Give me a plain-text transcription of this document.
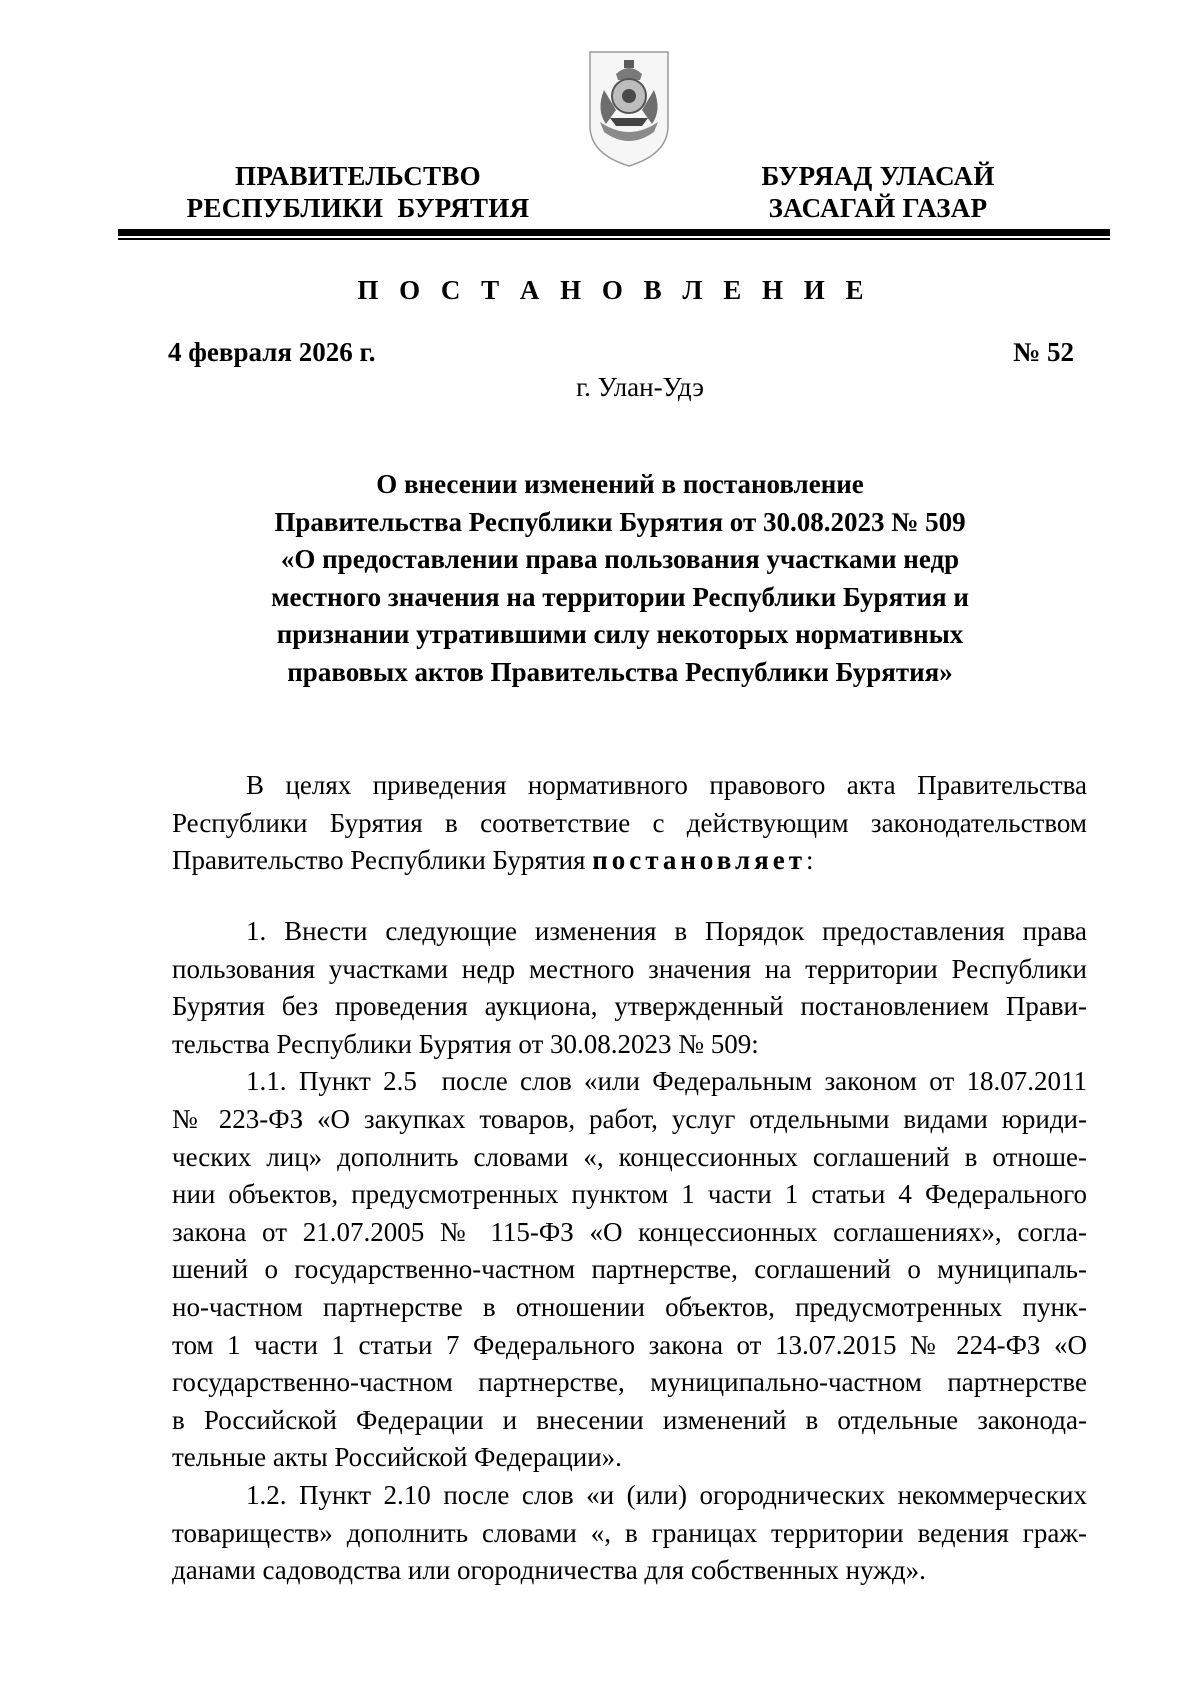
ПРАВИТЕЛЬСТВО
РЕСПУБЛИКИ  БУРЯТИЯ
БУРЯАД УЛАСАЙ
ЗАСАГАЙ ГАЗАР
П О С Т А Н О В Л Е Н И Е
4 февраля 2026 г.	№ 52
г. Улан-Удэ
О внесении изменений в постановление
Правительства Республики Бурятия от 30.08.2023 № 509
«О предоставлении права пользования участками недр
местного значения на территории Республики Бурятия и
признании утратившими силу некоторых нормативных
правовых актов Правительства Республики Бурятия»
В целях приведения нормативного правового акта Правительства
Республики Бурятия в соответствие с действующим законодательством
Правительство Республики Бурятия постановляет:
1. Внести следующие изменения в Порядок предоставления права
пользования участками недр местного значения на территории Республики
Бурятия без проведения аукциона, утвержденный постановлением Прави-
тельства Республики Бурятия от 30.08.2023 № 509:
1.1. Пункт 2.5  после слов «или Федеральным законом от 18.07.2011
№ 223-ФЗ «О закупках товаров, работ, услуг отдельными видами юриди-
ческих лиц» дополнить словами «, концессионных соглашений в отноше-
нии объектов, предусмотренных пунктом 1 части 1 статьи 4 Федерального
закона от 21.07.2005 № 115-ФЗ «О концессионных соглашениях», согла-
шений о государственно-частном партнерстве, соглашений о муниципаль-
но-частном партнерстве в отношении объектов, предусмотренных пунк-
том 1 части 1 статьи 7 Федерального закона от 13.07.2015 № 224-ФЗ «О
государственно-частном партнерстве, муниципально-частном партнерстве
в Российской Федерации и внесении изменений в отдельные законода-
тельные акты Российской Федерации».
1.2. Пункт 2.10 после слов «и (или) огороднических некоммерческих
товариществ» дополнить словами «, в границах территории ведения граж-
данами садоводства или огородничества для собственных нужд».
